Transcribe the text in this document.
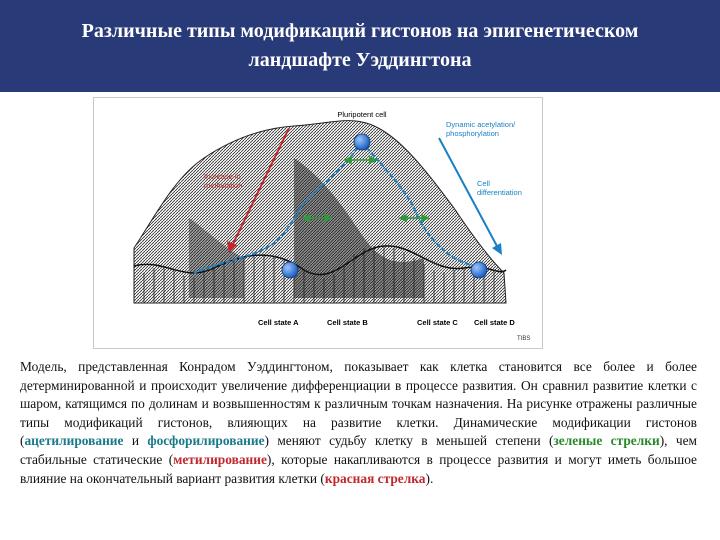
Различные типы модификаций гистонов на эпигенетическом ландшафте Уэддингтона
Pluripotent cell
Dynamic acetylation/
phosphorylation
Increase in
methylation	Cell
differentiation
Cell state A	Cell state B	Cell state C Cell state D
TIBS
Модель, представленная Конрадом Уэддингтоном, показывает как клетка становится все более и более детерминированной и происходит увеличение дифференциации в процессе развития. Он сравнил развитие клетки с шаром, катящимся по долинам и возвышенностям к различным точкам назначения. На рисунке отражены различные типы модификаций гистонов, влияющих на развитие клетки. Динамические модификации гистонов (ацетилирование и фосфорилирование) меняют судьбу клетку в меньшей степени (зеленые стрелки), чем стабильные статические (метилирование), которые накапливаются в процессе развития и могут иметь большое влияние на окончательный вариант развития клетки (красная стрелка).
